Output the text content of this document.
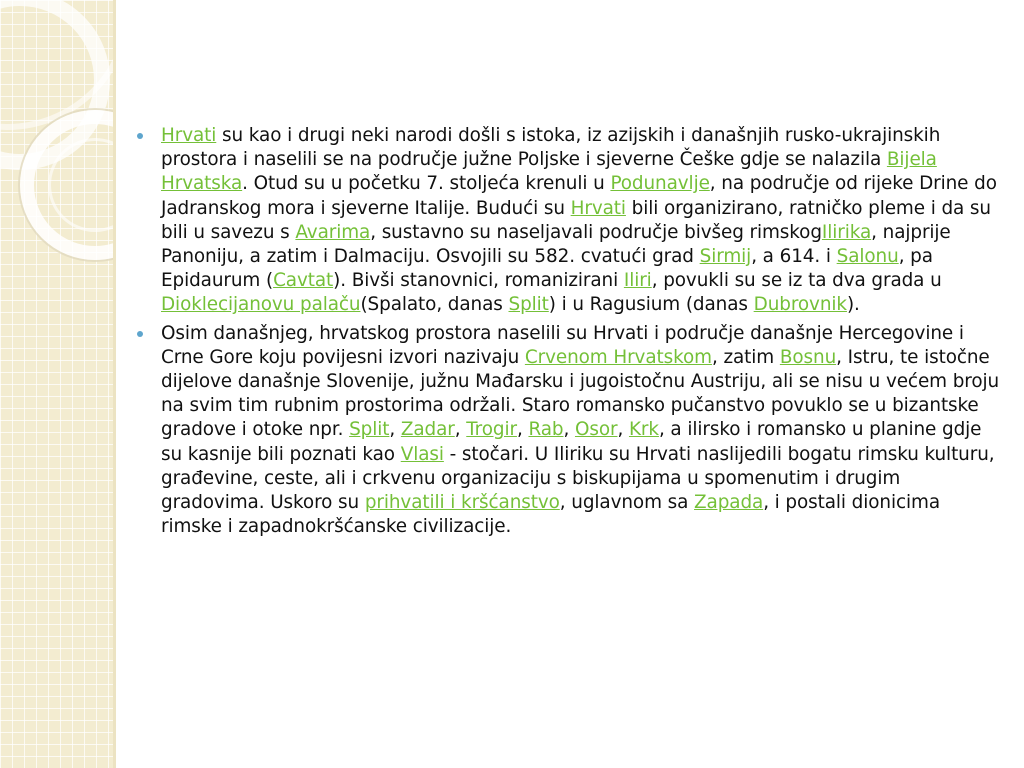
Hrvati su kao i drugi neki narodi došli s istoka, iz azijskih i današnjih rusko-ukrajinskih prostora i naselili se na područje južne Poljske i sjeverne Češke gdje se nalazila Bijela Hrvatska. Otud su u početku 7. stoljeća krenuli u Podunavlje, na područje od rijeke Drine do Jadranskog mora i sjeverne Italije. Budući su Hrvati bili organizirano, ratničko pleme i da su bili u savezu s Avarima, sustavno su naseljavali područje bivšeg rimskogIlirika, najprije Panoniju, a zatim i Dalmaciju. Osvojili su 582. cvatući grad Sirmij, a 614. i Salonu, pa Epidaurum (Cavtat). Bivši stanovnici, romanizirani Iliri, povukli su se iz ta dva grada u Dioklecijanovu palaču(Spalato, danas Split) i u Ragusium (danas Dubrovnik).
Osim današnjeg, hrvatskog prostora naselili su Hrvati i područje današnje Hercegovine i Crne Gore koju povijesni izvori nazivaju Crvenom Hrvatskom, zatim Bosnu, Istru, te istočne dijelove današnje Slovenije, južnu Mađarsku i jugoistočnu Austriju, ali se nisu u većem broju na svim tim rubnim prostorima održali. Staro romansko pučanstvo povuklo se u bizantske gradove i otoke npr. Split, Zadar, Trogir, Rab, Osor, Krk, a ilirsko i romansko u planine gdje su kasnije bili poznati kao Vlasi - stočari. U Iliriku su Hrvati naslijedili bogatu rimsku kulturu, građevine, ceste, ali i crkvenu organizaciju s biskupijama u spomenutim i drugim gradovima. Uskoro su prihvatili i kršćanstvo, uglavnom sa Zapada, i postali dionicima rimske i zapadnokršćanske civilizacije.
